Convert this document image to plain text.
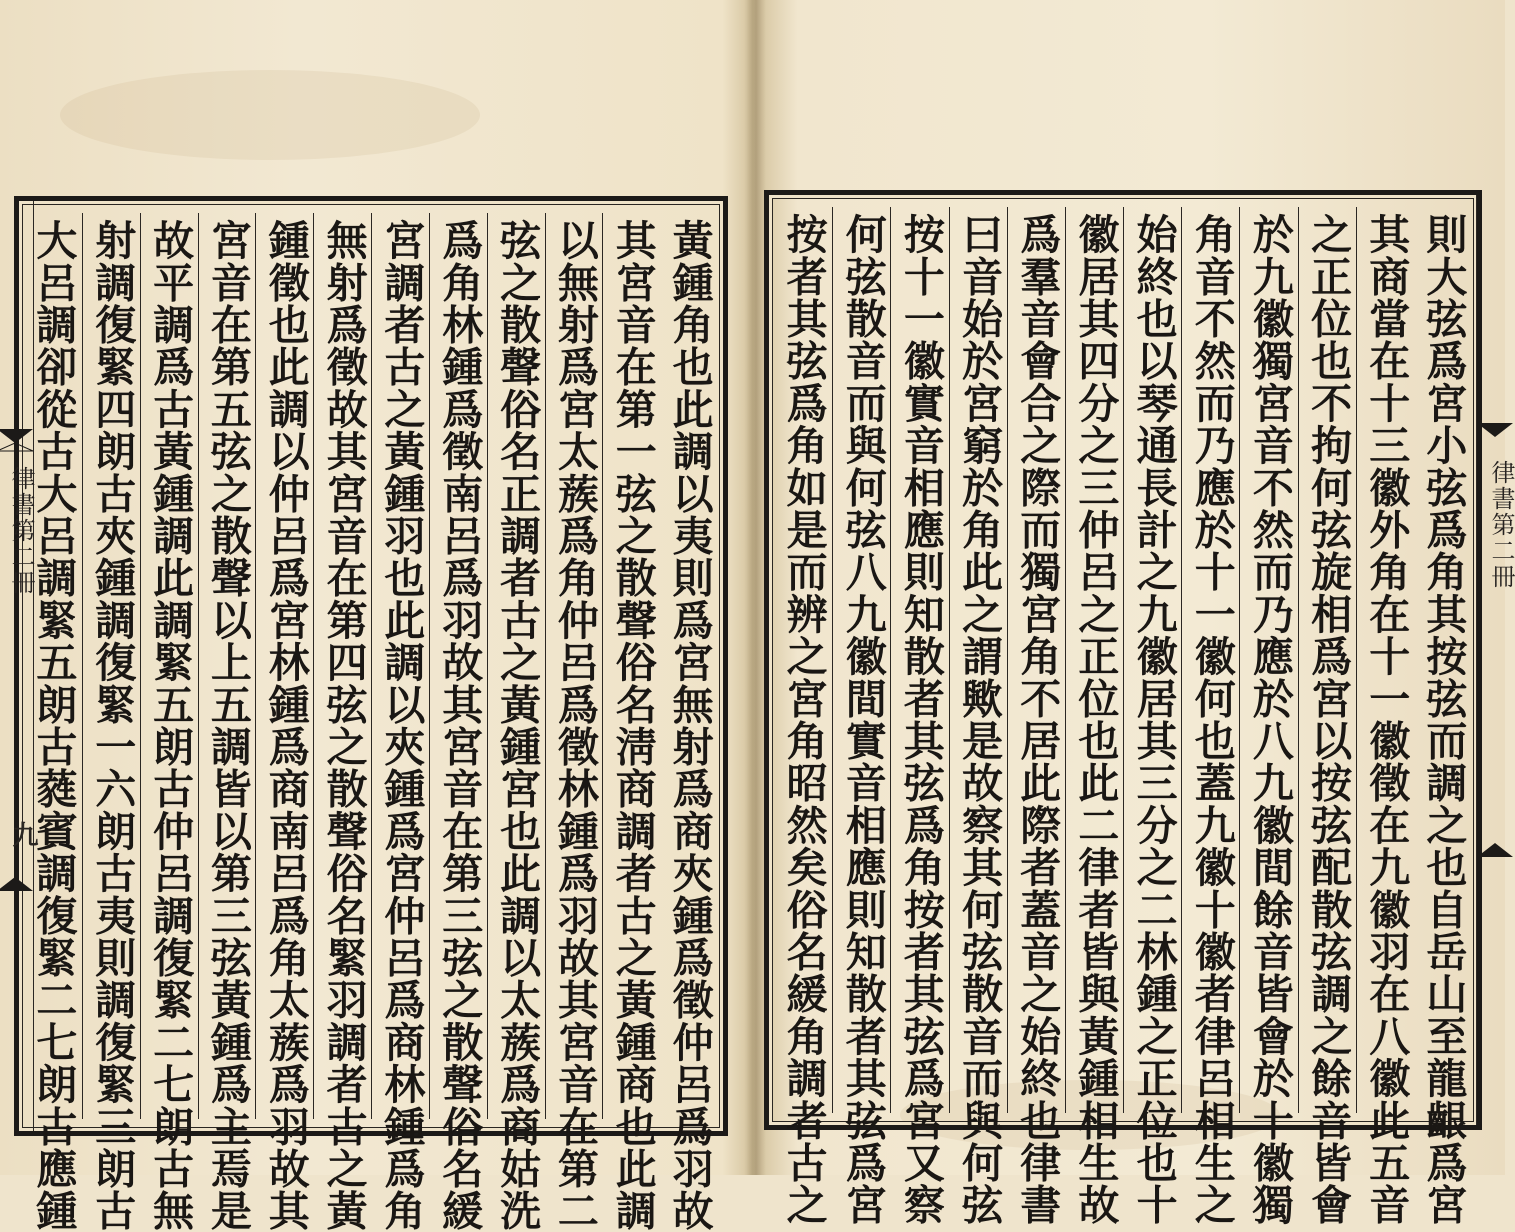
黃鍾角也此調以夷則爲宮無射爲商夾鍾爲徵仲呂爲羽故
其宮音在第一弦之散聲俗名淸商調者古之黃鍾商也此調
以無射爲宮太蔟爲角仲呂爲徵林鍾爲羽故其宮音在第二
弦之散聲俗名正調者古之黃鍾宮也此調以太蔟爲商姑洗
爲角林鍾爲徵南呂爲羽故其宮音在第三弦之散聲俗名緩
宮調者古之黃鍾羽也此調以夾鍾爲宮仲呂爲商林鍾爲角
無射爲徵故其宮音在第四弦之散聲俗名緊羽調者古之黃
鍾徵也此調以仲呂爲宮林鍾爲商南呂爲角太蔟爲羽故其
宮音在第五弦之散聲以上五調皆以第三弦黃鍾爲主焉是
故平調爲古黃鍾調此調緊五朗古仲呂調復緊二七朗古無
射調復緊四朗古夾鍾調復緊一六朗古夷則調復緊三朗古
大呂調卻從古大呂調緊五朗古蕤賓調復緊二七朗古應鍾
律書第二冊
九	則大弦爲宮小弦爲角其按弦而調之也自岳山至龍齦爲宮
其商當在十三徽外角在十一徽徵在九徽羽在八徽此五音
之正位也不拘何弦旋相爲宮以按弦配散弦調之餘音皆會
於九徽獨宮音不然而乃應於八九徽間餘音皆會於十徽獨
角音不然而乃應於十一徽何也蓋九徽十徽者律呂相生之
始終也以琴通長計之九徽居其三分之二林鍾之正位也十
徽居其四分之三仲呂之正位也此二律者皆與黃鍾相生故
爲羣音會合之際而獨宮角不居此際者蓋音之始終也律書
曰音始於宮窮於角此之謂歟是故察其何弦散音而與何弦
按十一徽實音相應則知散者其弦爲角按者其弦爲宮又察
何弦散音而與何弦八九徽間實音相應則知散者其弦爲宮
按者其弦爲角如是而辨之宮角昭然矣俗名緩角調者古之	律書第二冊
